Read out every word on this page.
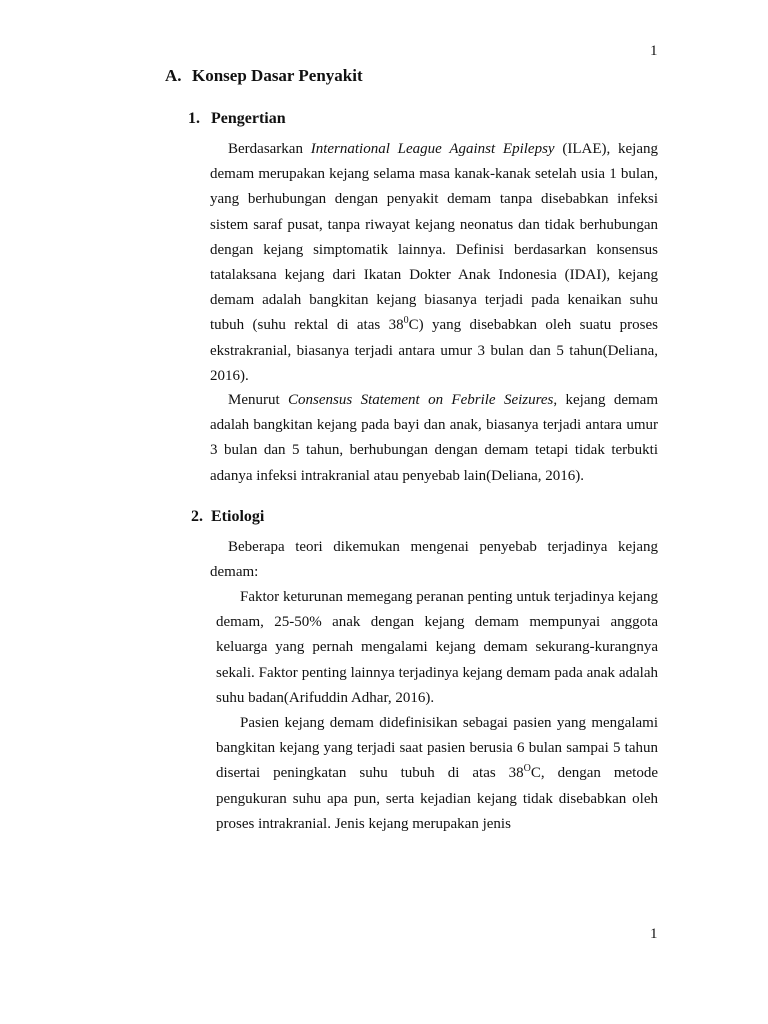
1
A. Konsep Dasar Penyakit
1. Pengertian

Berdasarkan International League Against Epilepsy (ILAE), kejang demam merupakan kejang selama masa kanak-kanak setelah usia 1 bulan, yang berhubungan dengan penyakit demam tanpa disebabkan infeksi sistem saraf pusat, tanpa riwayat kejang neonatus dan tidak berhubungan dengan kejang simptomatik lainnya. Definisi berdasarkan konsensus tatalaksana kejang dari Ikatan Dokter Anak Indonesia (IDAI), kejang demam adalah bangkitan kejang biasanya terjadi pada kenaikan suhu tubuh (suhu rektal di atas $38^0C$) yang disebabkan oleh suatu proses ekstrakranial, biasanya terjadi antara umur 3 bulan dan 5 tahun(Deliana, 2016).

Menurut Consensus Statement on Febrile Seizures, kejang demam adalah bangkitan kejang pada bayi dan anak, biasanya terjadi antara umur 3 bulan dan 5 tahun, berhubungan dengan demam tetapi tidak terbukti adanya infeksi intrakranial atau penyebab lain(Deliana, 2016).

2. Etiologi

Beberapa teori dikemukan mengenai penyebab terjadinya kejang demam:

Faktor keturunan memegang peranan penting untuk terjadinya kejang demam, 25-50% anak dengan kejang demam mempunyai anggota keluarga yang pernah mengalami kejang demam sekurang-kurangnya sekali. Faktor penting lainnya terjadinya kejang demam pada anak adalah suhu badan(Arifuddin Adhar, 2016).

Pasien kejang demam didefinisikan sebagai pasien yang mengalami bangkitan kejang yang terjadi saat pasien berusia 6 bulan sampai 5 tahun disertai peningkatan suhu tubuh di atas $38^OC$, dengan metode pengukuran suhu apa pun, serta kejadian kejang tidak disebabkan oleh proses intrakranial. Jenis kejang merupakan jenis

1
